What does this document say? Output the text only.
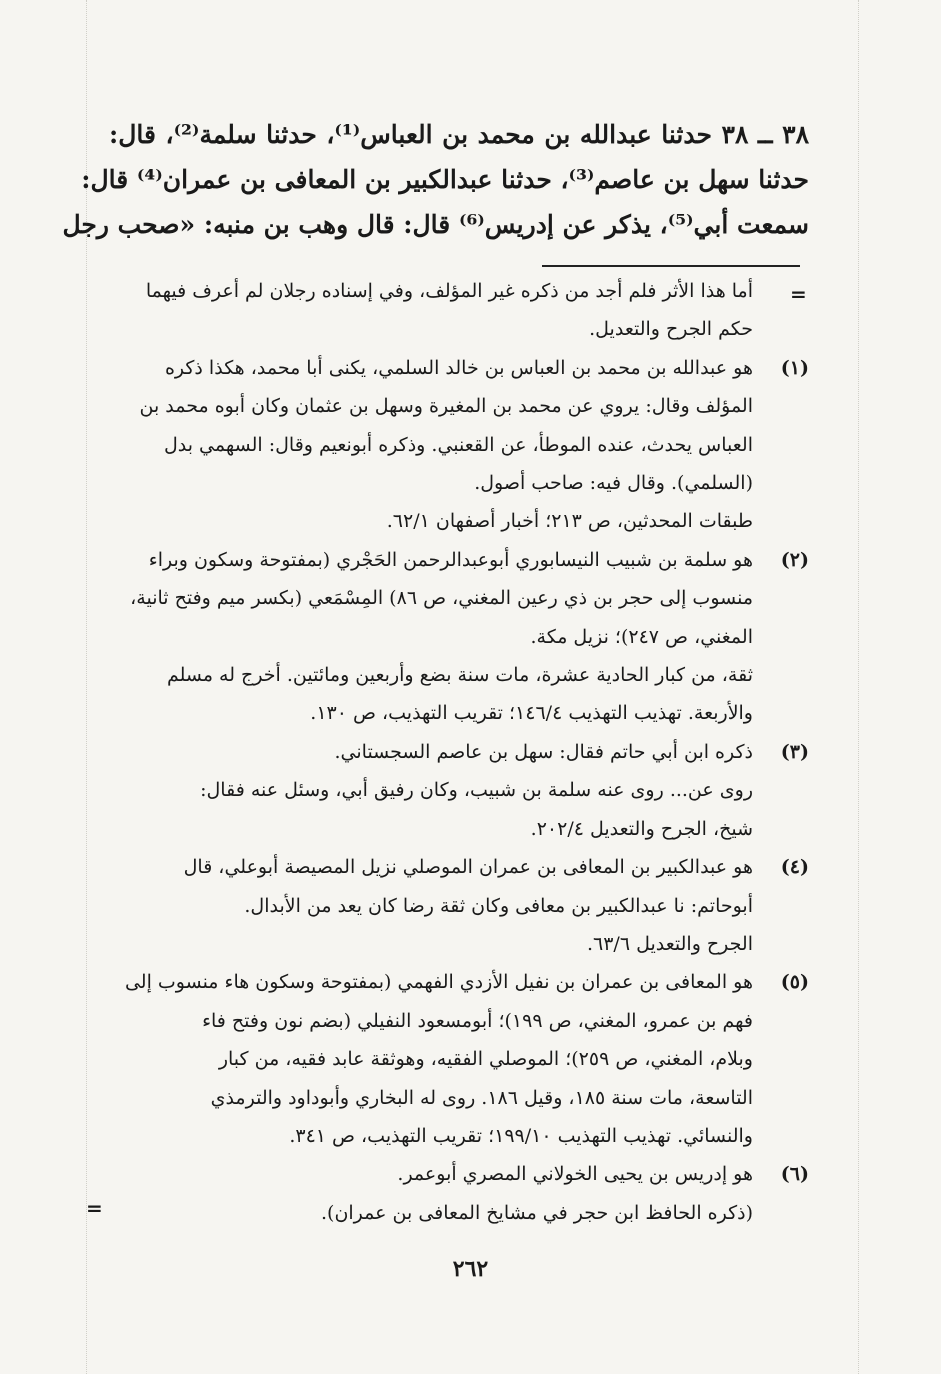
٣٨ ــ ٣٨ حدثنا عبدالله بن محمد بن العباس⁽¹⁾، حدثنا سلمة⁽²⁾، قال:
حدثنا سهل بن عاصم⁽³⁾، حدثنا عبدالكبير بن المعافى بن عمران⁽⁴⁾ قال:
سمعت أبي⁽⁵⁾، يذكر عن إدريس⁽⁶⁾ قال: قال وهب بن منبه: «صحب رجل
=
=
أما هذا الأثر فلم أجد من ذكره غير المؤلف، وفي إسناده رجلان لم أعرف فيهما
حكم الجرح والتعديل.
(١)
هو عبدالله بن محمد بن العباس بن خالد السلمي، يكنى أبا محمد، هكذا ذكره
المؤلف وقال: يروي عن محمد بن المغيرة وسهل بن عثمان وكان أبوه محمد بن
العباس يحدث، عنده الموطأ، عن القعنبي. وذكره أبونعيم وقال: السهمي بدل
(السلمي). وقال فيه: صاحب أصول.
طبقات المحدثين، ص ٢١٣؛ أخبار أصفهان ٦٢/١.
(٢)
هو سلمة بن شبيب النيسابوري أبوعبدالرحمن الحَجْري (بمفتوحة وسكون وبراء
منسوب إلى حجر بن ذي رعين المغني، ص ٨٦) المِسْمَعي (بكسر ميم وفتح ثانية،
المغني، ص ٢٤٧)؛ نزيل مكة.
ثقة، من كبار الحادية عشرة، مات سنة بضع وأربعين ومائتين. أخرج له مسلم
والأربعة. تهذيب التهذيب ١٤٦/٤؛ تقريب التهذيب، ص ١٣٠.
(٣)
ذكره ابن أبي حاتم فقال: سهل بن عاصم السجستاني.
روى عن... روى عنه سلمة بن شبيب، وكان رفيق أبي، وسئل عنه فقال:
شيخ، الجرح والتعديل ٢٠٢/٤.
(٤)
هو عبدالكبير بن المعافى بن عمران الموصلي نزيل المصيصة أبوعلي، قال
أبوحاتم: نا عبدالكبير بن معافى وكان ثقة رضا كان يعد من الأبدال.
الجرح والتعديل ٦٣/٦.
(٥)
هو المعافى بن عمران بن نفيل الأزدي الفهمي (بمفتوحة وسكون هاء منسوب إلى
فهم بن عمرو، المغني، ص ١٩٩)؛ أبومسعود النفيلي (بضم نون وفتح فاء
وبلام، المغني، ص ٢٥٩)؛ الموصلي الفقيه، وهوثقة عابد فقيه، من كبار
التاسعة، مات سنة ١٨٥، وقيل ١٨٦. روى له البخاري وأبوداود والترمذي
والنسائي. تهذيب التهذيب ١٩٩/١٠؛ تقريب التهذيب، ص ٣٤١.
(٦)
هو إدريس بن يحيى الخولاني المصري أبوعمر.
(ذكره الحافظ ابن حجر في مشايخ المعافى بن عمران).
٢٦٢
